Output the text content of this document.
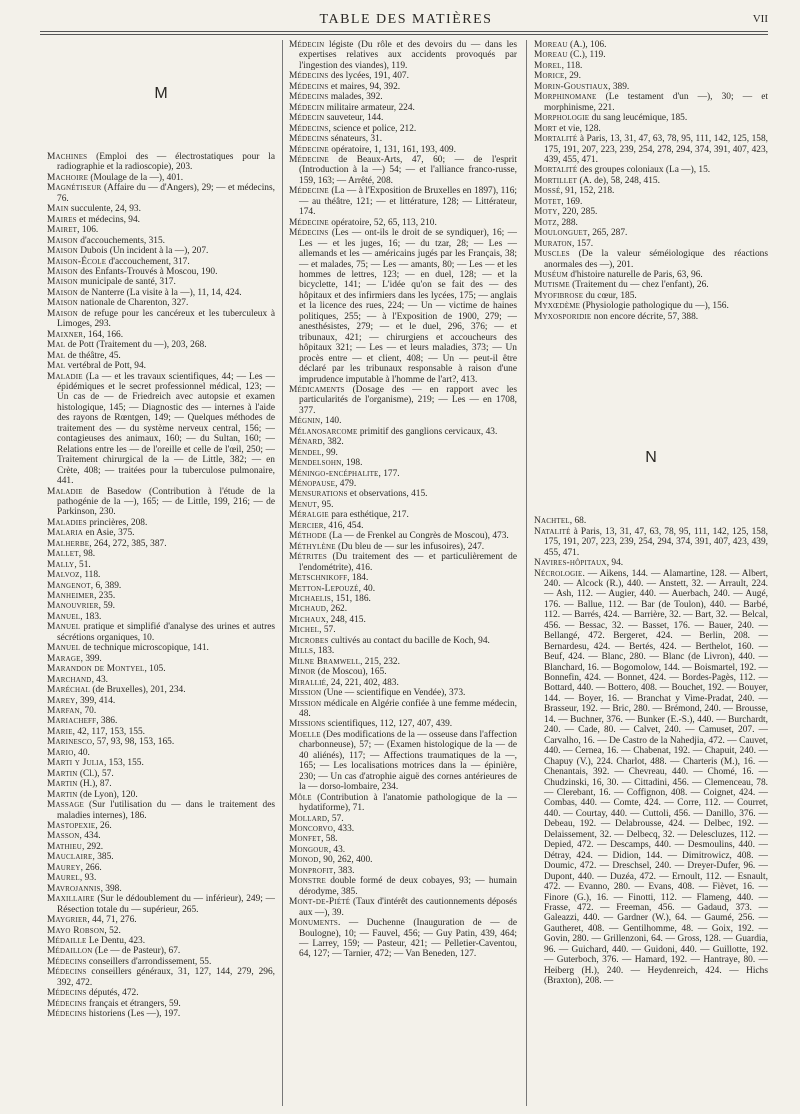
TABLE DES MATIÈRES	VII
M

Machines (Emploi des — électrostatiques pour la radiographie et la radioscopie), 203.

Machoire (Moulage de la —), 401.

Magnétiseur (Affaire du — d'Angers), 29; — et médecins, 76.

Main succulente, 24, 93.

Maires et médecins, 94.

Mairet, 106.

Maison d'accouchements, 315.

Maison Dubois (Un incident à la —), 207.

Maison-École d'accouchement, 317.

Maison des Enfants-Trouvés à Moscou, 190.

Maison municipale de santé, 317.

Maison de Nanterre (La visite à la —), 11, 14, 424.

Maison nationale de Charenton, 327.

Maison de refuge pour les cancéreux et les tuberculeux à Limoges, 293.

Maixner, 164, 166.

Mal de Pott (Traitement du —), 203, 268.

Mal de théâtre, 45.

Mal vertébral de Pott, 94.

Maladie (La — et les travaux scientifiques, 44; — Les — épidémiques et le secret professionnel médical, 123; — Un cas de — de Friedreich avec autopsie et examen histologique, 145; — Diagnostic des — internes à l'aide des rayons de Rœntgen, 149; — Quelques méthodes de traitement des — du système nerveux central, 156; — contagieuses des animaux, 160; — du Sultan, 160; — Relations entre les — de l'oreille et celle de l'œil, 250; — Traitement chirurgical de la — de Little, 382; — en Crète, 408; — traitées pour la tuberculose pulmonaire, 441.

Maladie de Basedow (Contribution à l'étude de la pathogénie de la —), 165; — de Little, 199, 216; — de Parkinson, 230.

Maladies princières, 208.

Malaria en Asie, 375.

Malherbe, 264, 272, 385, 387.

Mallet, 98.

Mally, 51.

Malvoz, 118.

Mangenot, 6, 389.

Manheimer, 235.

Manouvrier, 59.

Manuel, 183.

Manuel pratique et simplifié d'analyse des urines et autres sécrétions organiques, 10.

Manuel de technique microscopique, 141.

Marage, 399.

Marandon de Montyel, 105.

Marchand, 43.

Maréchal (de Bruxelles), 201, 234.

Marey, 399, 414.

Marfan, 70.

Mariacheff, 386.

Marie, 42, 117, 153, 155.

Marinesco, 57, 93, 98, 153, 165.

Mario, 40.

Marti y Julia, 153, 155.

Martin (Cl.), 57.

Martin (H.), 87.

Martin (de Lyon), 120.

Massage (Sur l'utilisation du — dans le traitement des maladies internes), 186.

Mastopexie, 26.

Masson, 434.

Mathieu, 292.

Mauclaire, 385.

Maurey, 266.

Maurel, 93.

Mavrojannis, 398.

Maxillaire (Sur le dédoublement du — inférieur), 249; — Résection totale du — supérieur, 265.

Maygrier, 44, 71, 276.

Mayo Robson, 52.

Médaille Le Dentu, 423.

Médaillon (Le — de Pasteur), 67.

Médecins conseillers d'arrondissement, 55.

Médecins conseillers généraux, 31, 127, 144, 279, 296, 392, 472.

Médecins députés, 472.

Médecins français et étrangers, 59.

Médecins historiens (Les —), 197.

Médecin légiste (Du rôle et des devoirs du — dans les expertises relatives aux accidents provoqués par l'ingestion des viandes), 119.

Médecins des lycées, 191, 407.

Médecins et maires, 94, 392.

Médecins malades, 392.

Médecin militaire armateur, 224.

Médecin sauveteur, 144.

Médecins, science et police, 212.

Médecins sénateurs, 31.

Médecine opératoire, 1, 131, 161, 193, 409.

Médecine de Beaux-Arts, 47, 60; — de l'esprit (Introduction à la —) 54; — et l'alliance franco-russe, 159, 163; — Arrêté, 208.

Médecine (La — à l'Exposition de Bruxelles en 1897), 116; — au théâtre, 121; — et littérature, 128; — Littérateur, 174.

Médecine opératoire, 52, 65, 113, 210.

Médecins (Les — ont-ils le droit de se syndiquer), 16; — Les — et les juges, 16; — du tzar, 28; — Les — allemands et les — américains jugés par les Français, 38; — et malades, 75; — Les — amants, 80; — Les — et les hommes de lettres, 123; — en duel, 128; — et la bicyclette, 141; — L'idée qu'on se fait des — des hôpitaux et des infirmiers dans les lycées, 175; — anglais et la licence des rues, 224; — Un — victime de haines politiques, 255; — à l'Exposition de 1900, 279; — anesthésistes, 279; — et le duel, 296, 376; — et tribunaux, 421; — chirurgiens et accoucheurs des hôpitaux 321; — Les — et leurs maladies, 373; — Un procès entre — et client, 408; — Un — peut-il être déclaré par les tribunaux responsable à raison d'une imprudence imputable à l'homme de l'art?, 413.

Médicaments (Dosage des — en rapport avec les particularités de l'organisme), 219; — Les — en 1708, 377.

Mégnin, 140.

Mélanosarcome primitif des ganglions cervicaux, 43.

Ménard, 382.

Mendel, 99.

Mendelsohn, 198.

Méningo-encéphalite, 177.

Ménopause, 479.

Mensurations et observations, 415.

Menut, 95.

Méralgie para esthétique, 217.

Mercier, 416, 454.

Méthode (La — de Frenkel au Congrès de Moscou), 473.

Méthylène (Du bleu de — sur les infusoires), 247.

Métrites (Du traitement des — et particulièrement de l'endométrite), 416.

Metschnikoff, 184.

Metton-Lepouzé, 40.

Michaelis, 151, 186.

Michaud, 262.

Michaux, 248, 415.

Michel, 57.

Microbes cultivés au contact du bacille de Koch, 94.

Mills, 183.

Milne Bramwell, 215, 232.

Minor (de Moscou), 165.

Mirallié, 24, 221, 402, 483.

Mission (Une — scientifique en Vendée), 373.

Mission médicale en Algérie confiée à une femme médecin, 48.

Missions scientifiques, 112, 127, 407, 439.

Moelle (Des modifications de la — osseuse dans l'affection charbonneuse), 57; — (Examen histologique de la — de 40 aliénés), 117; — Affections traumatiques de la —, 165; — Les localisations motrices dans la — épinière, 230; — Un cas d'atrophie aiguë des cornes antérieures de la — dorso-lombaire, 234.

Môle (Contribution à l'anatomie pathologique de la — hydatiforme), 71.

Mollard, 57.

Moncorvo, 433.

Monfet, 58.

Mongour, 43.

Monod, 90, 262, 400.

Monprofit, 383.

Monstre double formé de deux cobayes, 93; — humain dérodyme, 385.

Mont-de-Piété (Taux d'intérêt des cautionnements déposés aux —), 39.

Monuments. — Duchenne (Inauguration de — de Boulogne), 10; — Fauvel, 456; — Guy Patin, 439, 464; — Larrey, 159; — Pasteur, 421; — Pelletier-Caventou, 64, 127; — Tarnier, 472; — Van Beneden, 127.

Moreau (A.), 106.

Moreau (C.), 119.

Morel, 118.

Morice, 29.

Morin-Goustiaux, 389.

Morphinomane (Le testament d'un —), 30; — et morphinisme, 221.

Morphologie du sang leucémique, 185.

Mort et vie, 128.

Mortalité à Paris, 13, 31, 47, 63, 78, 95, 111, 142, 125, 158, 175, 191, 207, 223, 239, 254, 278, 294, 374, 391, 407, 423, 439, 455, 471.

Mortalité des groupes coloniaux (La —), 15.

Mortillet (A. de), 58, 248, 415.

Mossé, 91, 152, 218.

Motet, 169.

Moty, 220, 285.

Motz, 288.

Moulonguet, 265, 287.

Muraton, 157.

Muscles (De la valeur séméiologique des réactions anormales des —), 201.

Muséum d'histoire naturelle de Paris, 63, 96.

Mutisme (Traitement du — chez l'enfant), 26.

Myofibrose du cœur, 185.

Myxœdème (Physiologie pathologique du —), 156.

Myxosporidie non encore décrite, 57, 388.

N

Nachtel, 68.

Natalité à Paris, 13, 31, 47, 63, 78, 95, 111, 142, 125, 158, 175, 191, 207, 223, 239, 254, 294, 374, 391, 407, 423, 439, 455, 471.

Navires-hôpitaux, 94.

Nécrologie. — Aikens, 144. — Alamartine, 128. — Albert, 240. — Alcock (R.), 440. — Anstett, 32. — Arrault, 224. — Ash, 112. — Augier, 440. — Auerbach, 240. — Augé, 176. — Ballue, 112. — Bar (de Toulon), 440. — Barbé, 112. — Barrés, 424. — Barrière, 32. — Bart, 32. — Belcal, 456. — Bessac, 32. — Basset, 176. — Bauer, 240. — Bellangé, 472. Bergeret, 424. — Berlin, 208. — Bernardesu, 424. — Bertés, 424. — Berthelot, 160. — Beuf, 424. — Blanc, 280. — Blanc (de Livron), 440. — Blanchard, 16. — Bogomolow, 144. — Boismartel, 192. — Bonnefin, 424. — Bonnet, 424. — Bordes-Pagès, 112. — Bottard, 440. — Bottero, 408. — Bouchet, 192. — Bouyer, 144. — Boyer, 16. — Branchat y Vime-Pradat, 240. — Brasseur, 192. — Bric, 280. — Brémond, 240. — Brousse, 14. — Buchner, 376. — Bunker (E.-S.), 440. — Burchardt, 240. — Cade, 80. — Calvet, 240. — Camuset, 207. — Carvalho, 16. — De Castro de la Nahedjia, 472. — Cauvet, 440. — Cernea, 16. — Chabenat, 192. — Chapuit, 240. — Chapuy (V.), 224. Charlot, 488. — Charteris (M.), 16. — Chenantais, 392. — Chevreau, 440. — Chomé, 16. — Chudzinski, 16, 30. — Cittadini, 456. — Clemenceau, 78. — Clerebant, 16. — Coffignon, 408. — Coignet, 424. — Combas, 440. — Comte, 424. — Corre, 112. — Courret, 440. — Courtay, 440. — Cuttoli, 456. — Danillo, 376. — Debeau, 192. — Delabrousse, 424. — Delbec, 192. — Delaissement, 32. — Delbecq, 32. — Delescluzes, 112. — Depied, 472. — Descamps, 440. — Desmoulins, 440. — Détray, 424. — Didion, 144. — Dimitrowicz, 408. — Doumic, 472. — Dreschsel, 240. — Dreyer-Dufer, 96. — Dupont, 440. — Duzéa, 472. — Ernoult, 112. — Esnault, 472. — Evanno, 280. — Evans, 408. — Fièvet, 16. — Finore (G.), 16. — Finotti, 112. — Flameng, 440. — Frasse, 472. — Freeman, 456. — Gadaud, 373. — Galeazzi, 440. — Gardner (W.), 64. — Gaumé, 256. — Gautheret, 408. — Gentilhomme, 48. — Goix, 192. — Govin, 280. — Grillenzoni, 64. — Gross, 128. — Guardia, 96. — Guichard, 440. — Guidoni, 440. — Guillotte, 192. — Guterboch, 376. — Hamard, 192. — Hantraye, 80. — Heiberg (H.), 240. — Heydenreich, 424. — Hichs (Braxton), 208. —
